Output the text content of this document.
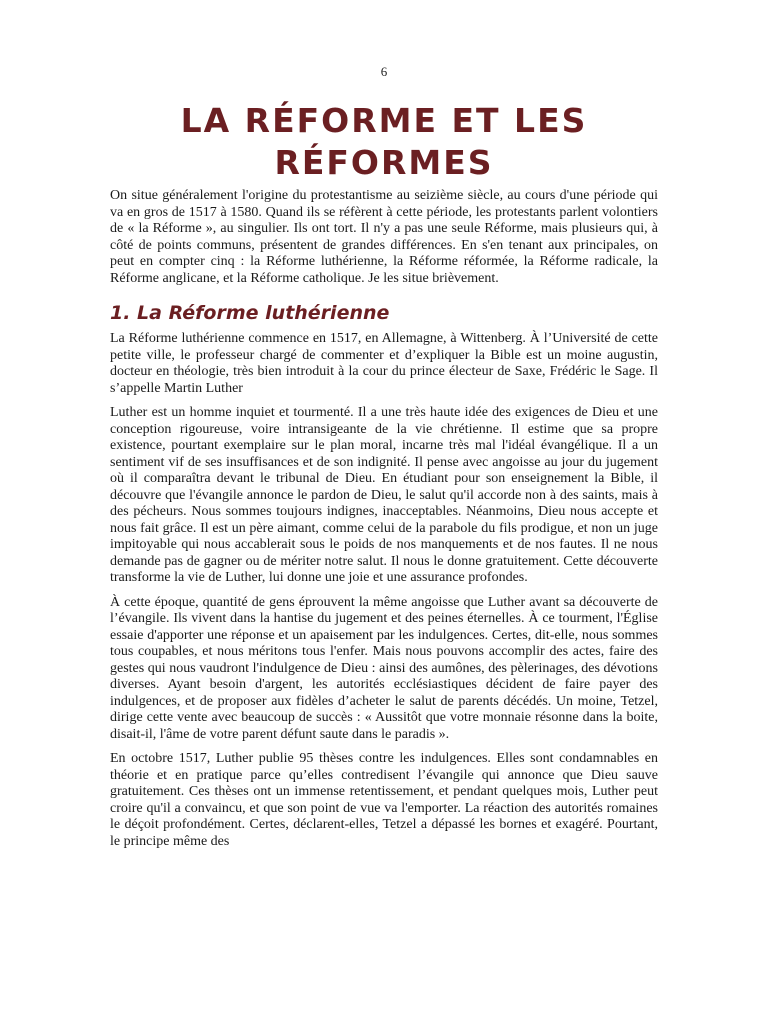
6
LA RÉFORME ET LES RÉFORMES

On situe généralement l'origine du protestantisme au seizième siècle, au cours d'une période qui va en gros de 1517 à 1580. Quand ils se réfèrent à cette période, les protestants parlent volontiers de « la Réforme », au singulier. Ils ont tort. Il n'y a pas une seule Réforme, mais plusieurs qui, à côté de points communs, présentent de grandes différences. En s'en tenant aux principales, on peut en compter cinq : la Réforme luthérienne, la Réforme réformée, la Réforme radicale, la Réforme anglicane, et la Réforme catholique. Je les situe brièvement.

1. La Réforme luthérienne

La Réforme luthérienne commence en 1517, en Allemagne, à Wittenberg. À l’Université de cette petite ville, le professeur chargé de commenter et d’expliquer la Bible est un moine augustin, docteur en théologie, très bien introduit à la cour du prince électeur de Saxe, Frédéric le Sage. Il s’appelle Martin Luther

Luther est un homme inquiet et tourmenté. Il a une très haute idée des exigences de Dieu et une conception rigoureuse, voire intransigeante de la vie chrétienne. Il estime que sa propre existence, pourtant exemplaire sur le plan moral, incarne très mal l'idéal évangélique. Il a un sentiment vif de ses insuffisances et de son indignité. Il pense avec angoisse au jour du jugement où il comparaîtra devant le tribunal de Dieu. En étudiant pour son enseignement la Bible, il découvre que l'évangile annonce le pardon de Dieu, le salut qu'il accorde non à des saints, mais à des pécheurs. Nous sommes toujours indignes, inacceptables. Néanmoins, Dieu nous accepte et nous fait grâce. Il est un père aimant, comme celui de la parabole du fils prodigue, et non un juge impitoyable qui nous accablerait sous le poids de nos manquements et de nos fautes. Il ne nous demande pas de gagner ou de mériter notre salut. Il nous le donne gratuitement. Cette découverte transforme la vie de Luther, lui donne une joie et une assurance profondes.

À cette époque, quantité de gens éprouvent la même angoisse que Luther avant sa découverte de l’évangile. Ils vivent dans la hantise du jugement et des peines éternelles. À ce tourment, l'Église essaie d'apporter une réponse et un apaisement par les indulgences. Certes, dit-elle, nous sommes tous coupables, et nous méritons tous l'enfer. Mais nous pouvons accomplir des actes, faire des gestes qui nous vaudront l'indulgence de Dieu : ainsi des aumônes, des pèlerinages, des dévotions diverses. Ayant besoin d'argent, les autorités ecclésiastiques décident de faire payer des indulgences, et de proposer aux fidèles d’acheter le salut de parents décédés. Un moine, Tetzel, dirige cette vente avec beaucoup de succès : « Aussitôt que votre monnaie résonne dans la boite, disait-il, l'âme de votre parent défunt saute dans le paradis ».

En octobre 1517, Luther publie 95 thèses contre les indulgences. Elles sont condamnables en théorie et en pratique parce qu’elles contredisent l’évangile qui annonce que Dieu sauve gratuitement. Ces thèses ont un immense retentissement, et pendant quelques mois, Luther peut croire qu'il a convaincu, et que son point de vue va l'emporter. La réaction des autorités romaines le déçoit profondément. Certes, déclarent-elles, Tetzel a dépassé les bornes et exagéré. Pourtant, le principe même des
